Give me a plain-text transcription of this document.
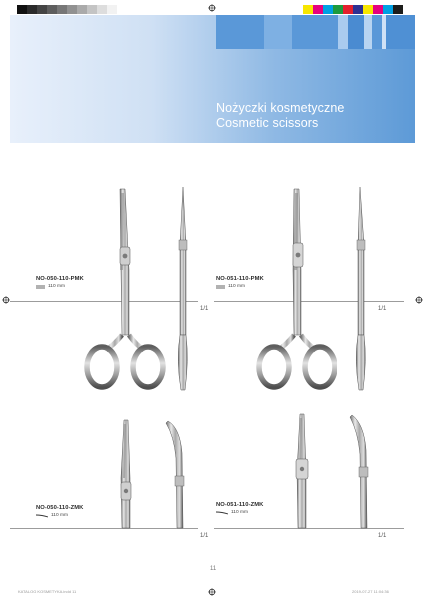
Nożyczki kosmetyczne
Cosmetic scissors
NO-050-110-PMK
110 mm
1/1
NO-051-110-PMK
110 mm
1/1
NO-050-110-ZMK
110 mm
1/1
NO-051-110-ZMK
110 mm
1/1
11
KATALOG KOSMETYKA.indd 11	2019-07-27 11:04:36
